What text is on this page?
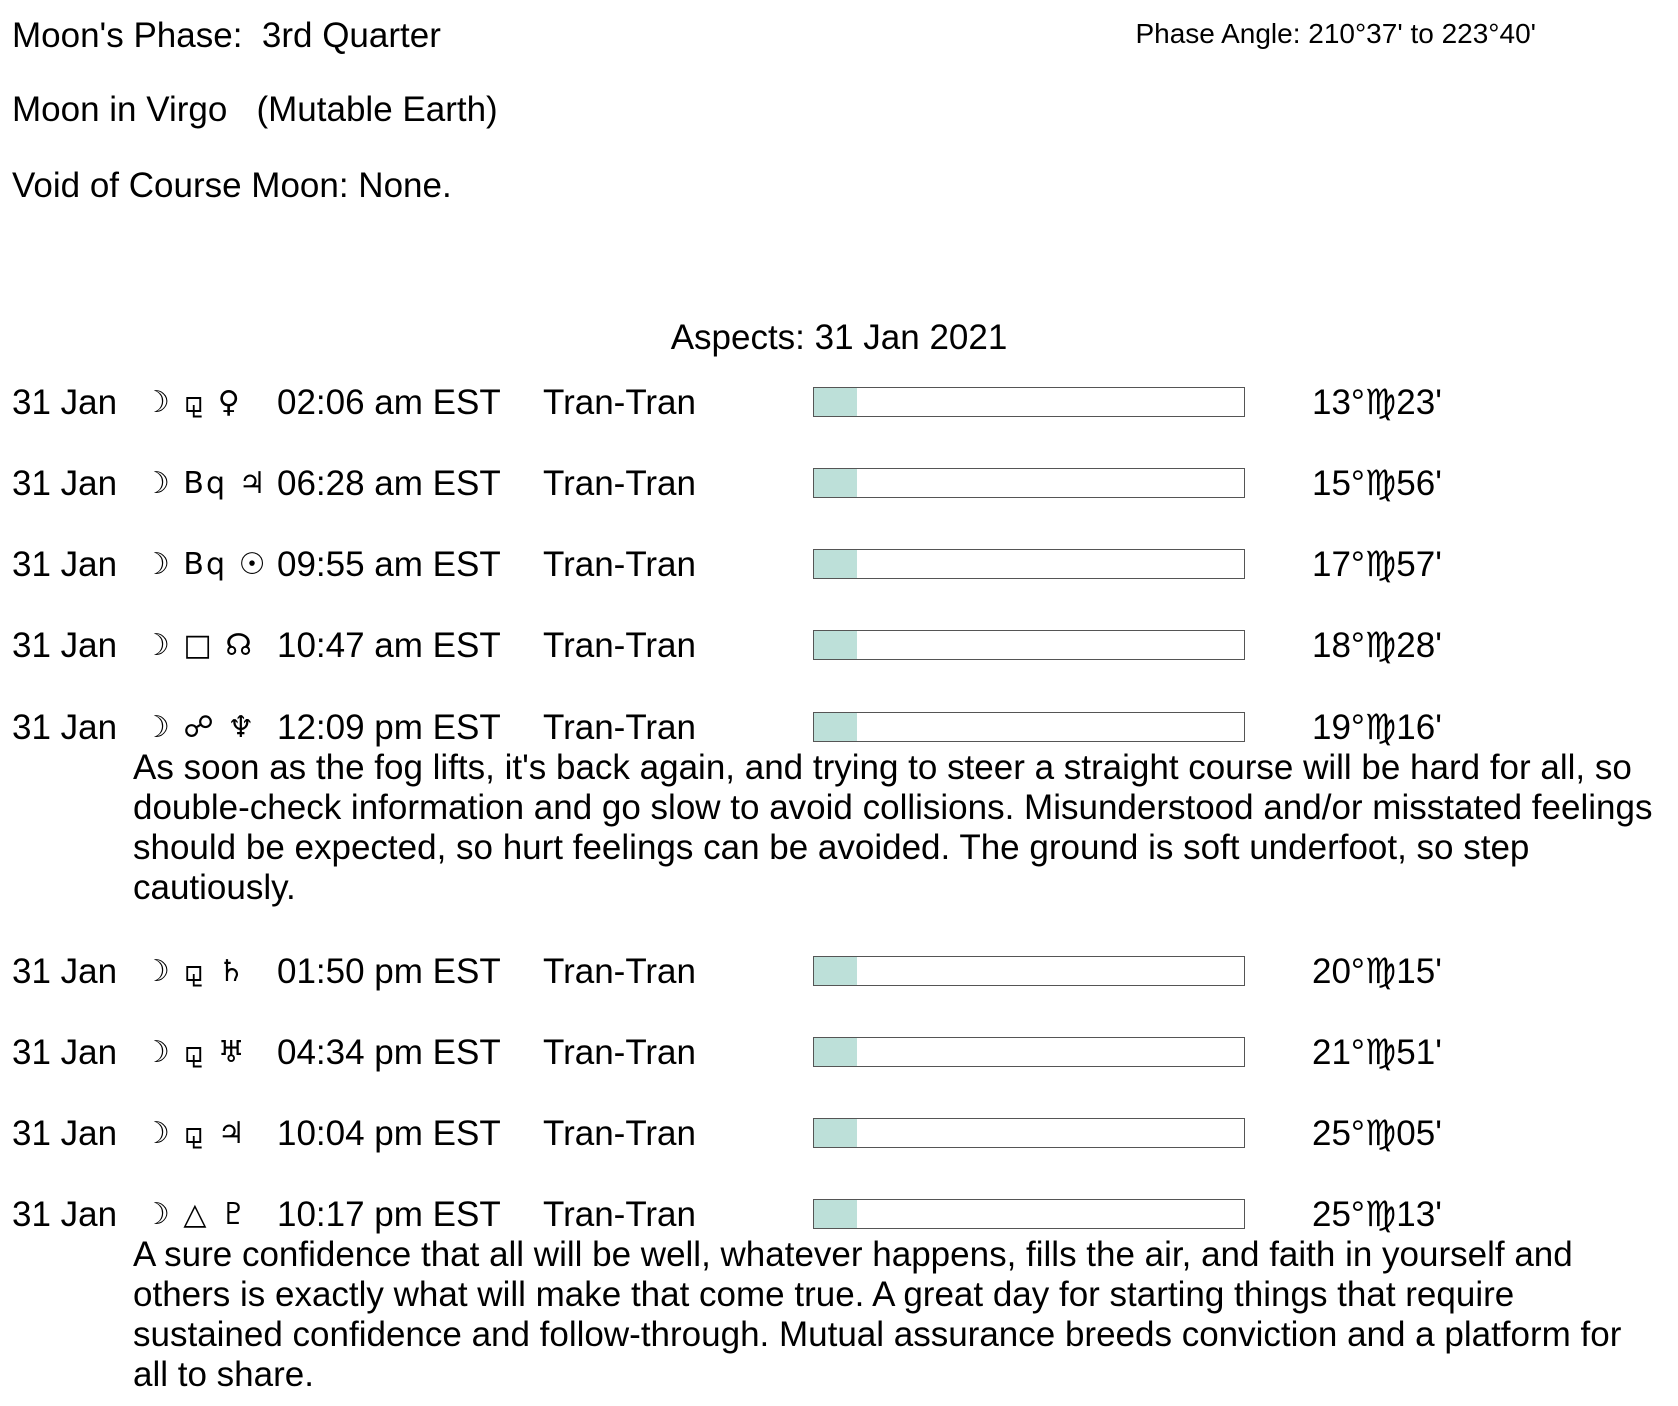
Moon's Phase: 3rd Quarter	Phase Angle: 210°37' to 223°40'
Moon in Virgo   (Mutable Earth)
Void of Course Moon: None.
Aspects: 31 Jan 2021
31 Jan ☽ ⚼ ♀ 02:06 am EST Tran-Tran	13°♍23'
31 Jan ☽ Bq ♃ 06:28 am EST Tran-Tran	15°♍56'
31 Jan ☽ Bq ☉ 09:55 am EST Tran-Tran	17°♍57'
31 Jan ☽ □ ☊ 10:47 am EST Tran-Tran	18°♍28'
31 Jan ☽ ☍ ♆ 12:09 pm EST Tran-Tran	19°♍16'
As soon as the fog lifts, it's back again, and trying to steer a straight course will be hard for all, so double-check information and go slow to avoid collisions. Misunderstood and/or misstated feelings should be expected, so hurt feelings can be avoided. The ground is soft underfoot, so step cautiously.
31 Jan ☽ ⚼ ♄ 01:50 pm EST Tran-Tran	20°♍15'
31 Jan ☽ ⚼ ♅ 04:34 pm EST Tran-Tran	21°♍51'
31 Jan ☽ ⚼ ♃ 10:04 pm EST Tran-Tran	25°♍05'
31 Jan ☽ △ ♇ 10:17 pm EST Tran-Tran	25°♍13'
A sure confidence that all will be well, whatever happens, fills the air, and faith in yourself and others is exactly what will make that come true. A great day for starting things that require sustained confidence and follow-through. Mutual assurance breeds conviction and a platform for all to share.
